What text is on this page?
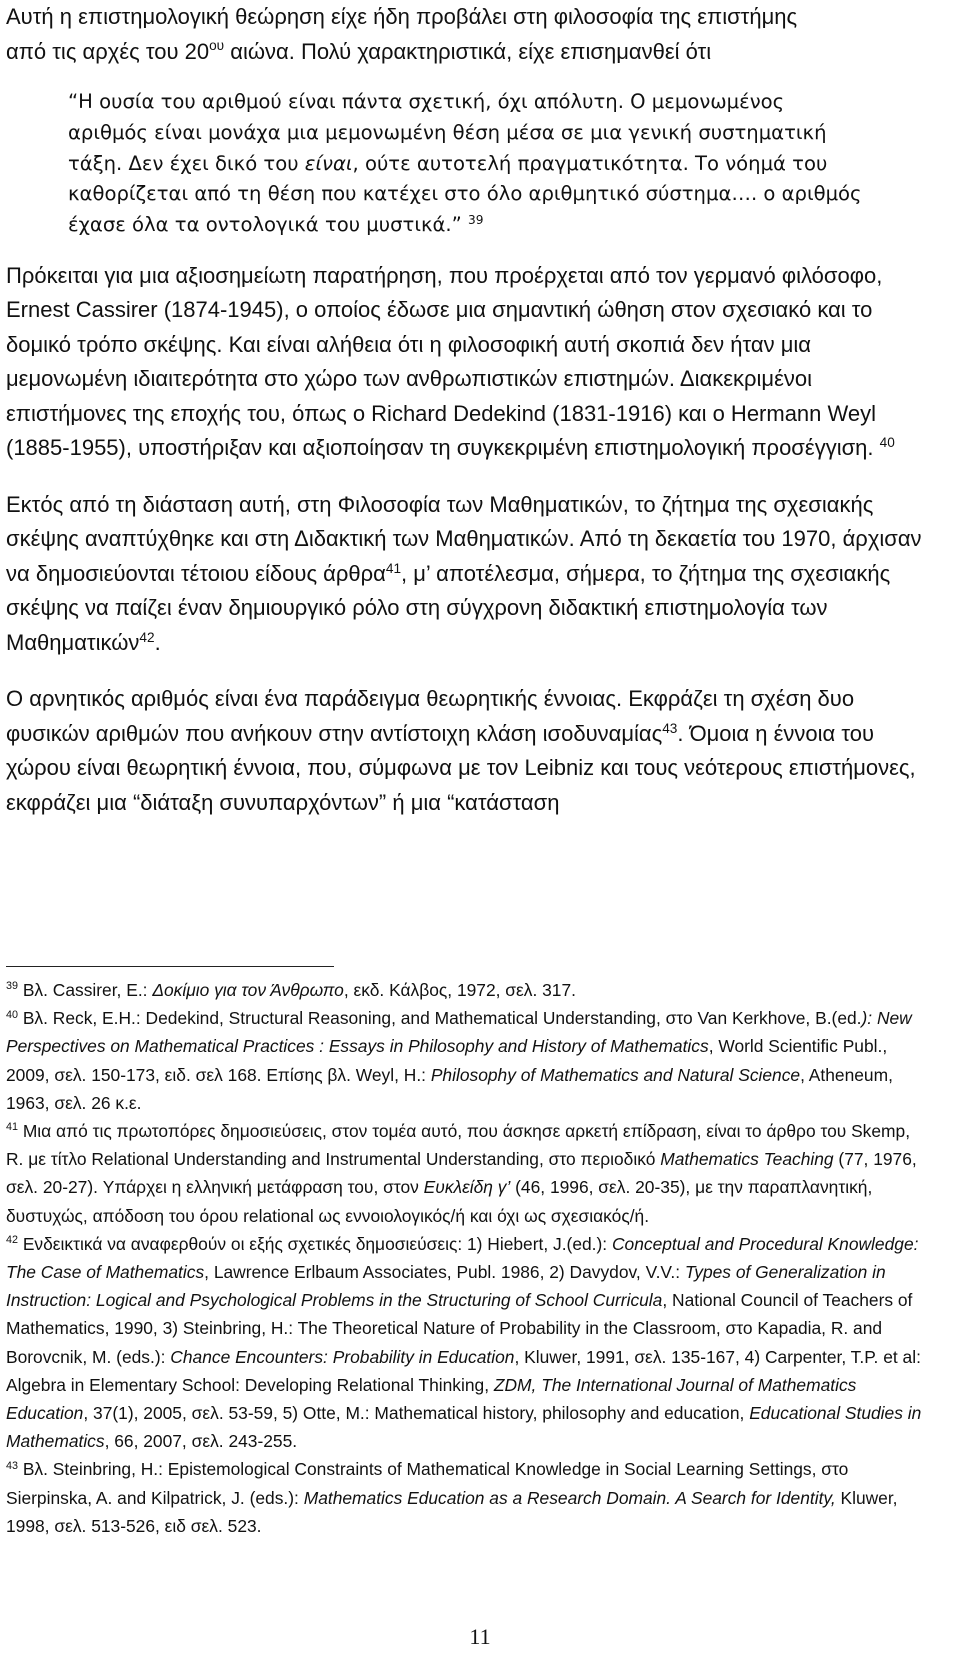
Αυτή η επιστημολογική θεώρηση είχε ήδη προβάλει στη φιλοσοφία της επιστήμης
από τις αρχές του $20^{o\upsilon}$ αιώνα. Πολύ χαρακτηριστικά, είχε επισημανθεί ότι

“Η ουσία του αριθμού είναι πάντα σχετική, όχι απόλυτη. Ο μεμονωμένος αριθμός είναι μονάχα μια μεμονωμένη θέση μέσα σε μια γενική συστηματική τάξη. Δεν έχει δικό του είναι, ούτε αυτοτελή πραγματικότητα. Το νόημά του καθορίζεται από τη θέση που κατέχει στο όλο αριθμητικό σύστημα…. ο αριθμός έχασε όλα τα οντολογικά του μυστικά.” $^{39}$

Πρόκειται για μια αξιοσημείωτη παρατήρηση, που προέρχεται από τον γερμανό φιλόσοφο, Ernest Cassirer (1874-1945), ο οποίος έδωσε μια σημαντική ώθηση στον σχεσιακό και το δομικό τρόπο σκέψης. Και είναι αλήθεια ότι η φιλοσοφική αυτή σκοπιά δεν ήταν μια μεμονωμένη ιδιαιτερότητα στο χώρο των ανθρωπιστικών επιστημών. Διακεκριμένοι επιστήμονες της εποχής του, όπως ο Richard Dedekind (1831-1916) και ο Hermann Weyl (1885-1955), υποστήριξαν και αξιοποίησαν τη συγκεκριμένη επιστημολογική προσέγγιση. $^{40}$

Εκτός από τη διάσταση αυτή, στη Φιλοσοφία των Μαθηματικών, το ζήτημα της σχεσιακής σκέψης αναπτύχθηκε και στη Διδακτική των Μαθηματικών. Από τη δεκαετία του 1970, άρχισαν να δημοσιεύονται τέτοιου είδους άρθρα$^{41}$, μ’ αποτέλεσμα, σήμερα, το ζήτημα της σχεσιακής σκέψης να παίζει έναν δημιουργικό ρόλο στη σύγχρονη διδακτική επιστημολογία των Μαθηματικών$^{42}$.

Ο αρνητικός αριθμός είναι ένα παράδειγμα θεωρητικής έννοιας. Εκφράζει τη σχέση δυο φυσικών αριθμών που ανήκουν στην αντίστοιχη κλάση ισοδυναμίας$^{43}$. Όμοια η έννοια του χώρου είναι θεωρητική έννοια, που, σύμφωνα με τον Leibniz και τους νεότερους επιστήμονες, εκφράζει μια “διάταξη συνυπαρχόντων” ή μια “κατάσταση

$^{39}$ Βλ. Cassirer, E.: Δοκίμιο για τον Άνθρωπο, εκδ. Κάλβος, 1972, σελ. 317.

$^{40}$ Βλ. Reck, E.H.: Dedekind, Structural Reasoning, and Mathematical Understanding, στο Van Kerkhove, B.(ed.): New Perspectives on Mathematical Practices : Essays in Philosophy and History of Mathematics, World Scientific Publ., 2009, σελ. 150-173, ειδ. σελ 168. Επίσης βλ. Weyl, H.: Philosophy of Mathematics and Natural Science, Atheneum, 1963, σελ. 26 κ.ε.

$^{41}$ Μια από τις πρωτοπόρες δημοσιεύσεις, στον τομέα αυτό, που άσκησε αρκετή επίδραση, είναι το άρθρο του Skemp, R. με τίτλο Relational Understanding and Instrumental Understanding, στο περιοδικό Mathematics Teaching (77, 1976, σελ. 20-27). Υπάρχει η ελληνική μετάφραση του, στον Ευκλείδη γ’ (46, 1996, σελ. 20-35), με την παραπλανητική, δυστυχώς, απόδοση του όρου relational ως εννοιολογικός/ή και όχι ως σχεσιακός/ή.

$^{42}$ Ενδεικτικά να αναφερθούν οι εξής σχετικές δημοσιεύσεις: 1) Hiebert, J.(ed.): Conceptual and Procedural Knowledge: The Case of Mathematics, Lawrence Erlbaum Associates, Publ. 1986, 2) Davydov, V.V.: Types of Generalization in Instruction: Logical and Psychological Problems in the Structuring of School Curricula, National Council of Teachers of Mathematics, 1990, 3) Steinbring, H.: The Theoretical Nature of Probability in the Classroom, στο Kapadia, R. and Borovcnik, M. (eds.): Chance Encounters: Probability in Education, Kluwer, 1991, σελ. 135-167, 4) Carpenter, T.P. et al: Algebra in Elementary School: Developing Relational Thinking, ZDM, The International Journal of Mathematics Education, 37(1), 2005, σελ. 53-59, 5) Otte, M.: Mathematical history, philosophy and education, Educational Studies in Mathematics, 66, 2007, σελ. 243-255.

$^{43}$ Βλ. Steinbring, H.: Epistemological Constraints of Mathematical Knowledge in Social Learning Settings, στο Sierpinska, A. and Kilpatrick, J. (eds.): Mathematics Education as a Research Domain. A Search for Identity, Kluwer, 1998, σελ. 513-526, ειδ σελ. 523.

11
